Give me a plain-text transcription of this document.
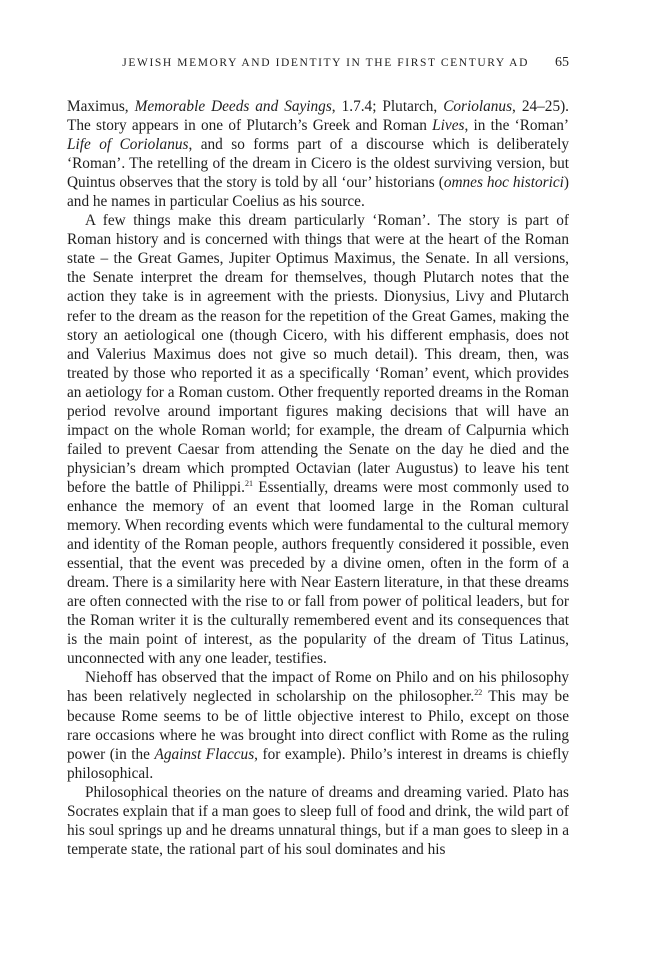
JEWISH MEMORY AND IDENTITY IN THE FIRST CENTURY AD 65

Maximus, Memorable Deeds and Sayings, 1.7.4; Plutarch, Coriolanus, 24–25). The story appears in one of Plutarch’s Greek and Roman Lives, in the ‘Roman’ Life of Coriolanus, and so forms part of a discourse which is deliberately ‘Roman’. The retelling of the dream in Cicero is the oldest surviving version, but Quintus observes that the story is told by all ‘our’ historians (omnes hoc historici) and he names in particular Coelius as his source.

A few things make this dream particularly ‘Roman’. The story is part of Roman history and is concerned with things that were at the heart of the Roman state – the Great Games, Jupiter Optimus Maximus, the Senate. In all versions, the Senate interpret the dream for themselves, though Plutarch notes that the action they take is in agreement with the priests. Dionysius, Livy and Plutarch refer to the dream as the reason for the repetition of the Great Games, making the story an aetiological one (though Cicero, with his different emphasis, does not and Valerius Maximus does not give so much detail). This dream, then, was treated by those who reported it as a specifically ‘Roman’ event, which provides an aetiology for a Roman custom. Other frequently reported dreams in the Roman period revolve around important figures making decisions that will have an impact on the whole Roman world; for example, the dream of Calpurnia which failed to prevent Caesar from attending the Senate on the day he died and the physician’s dream which prompted Octavian (later Augustus) to leave his tent before the battle of Philippi.$^{21}$ Essentially, dreams were most commonly used to enhance the memory of an event that loomed large in the Roman cultural memory. When recording events which were fundamental to the cultural memory and identity of the Roman people, authors frequently considered it possible, even essential, that the event was preceded by a divine omen, often in the form of a dream. There is a similarity here with Near Eastern literature, in that these dreams are often connected with the rise to or fall from power of political leaders, but for the Roman writer it is the culturally remembered event and its consequences that is the main point of interest, as the popularity of the dream of Titus Latinus, unconnected with any one leader, testifies.

Niehoff has observed that the impact of Rome on Philo and on his philosophy has been relatively neglected in scholarship on the philosopher.$^{22}$ This may be because Rome seems to be of little objective interest to Philo, except on those rare occasions where he was brought into direct conflict with Rome as the ruling power (in the Against Flaccus, for example). Philo’s interest in dreams is chiefly philosophical.

Philosophical theories on the nature of dreams and dreaming varied. Plato has Socrates explain that if a man goes to sleep full of food and drink, the wild part of his soul springs up and he dreams unnatural things, but if a man goes to sleep in a temperate state, the rational part of his soul dominates and his
